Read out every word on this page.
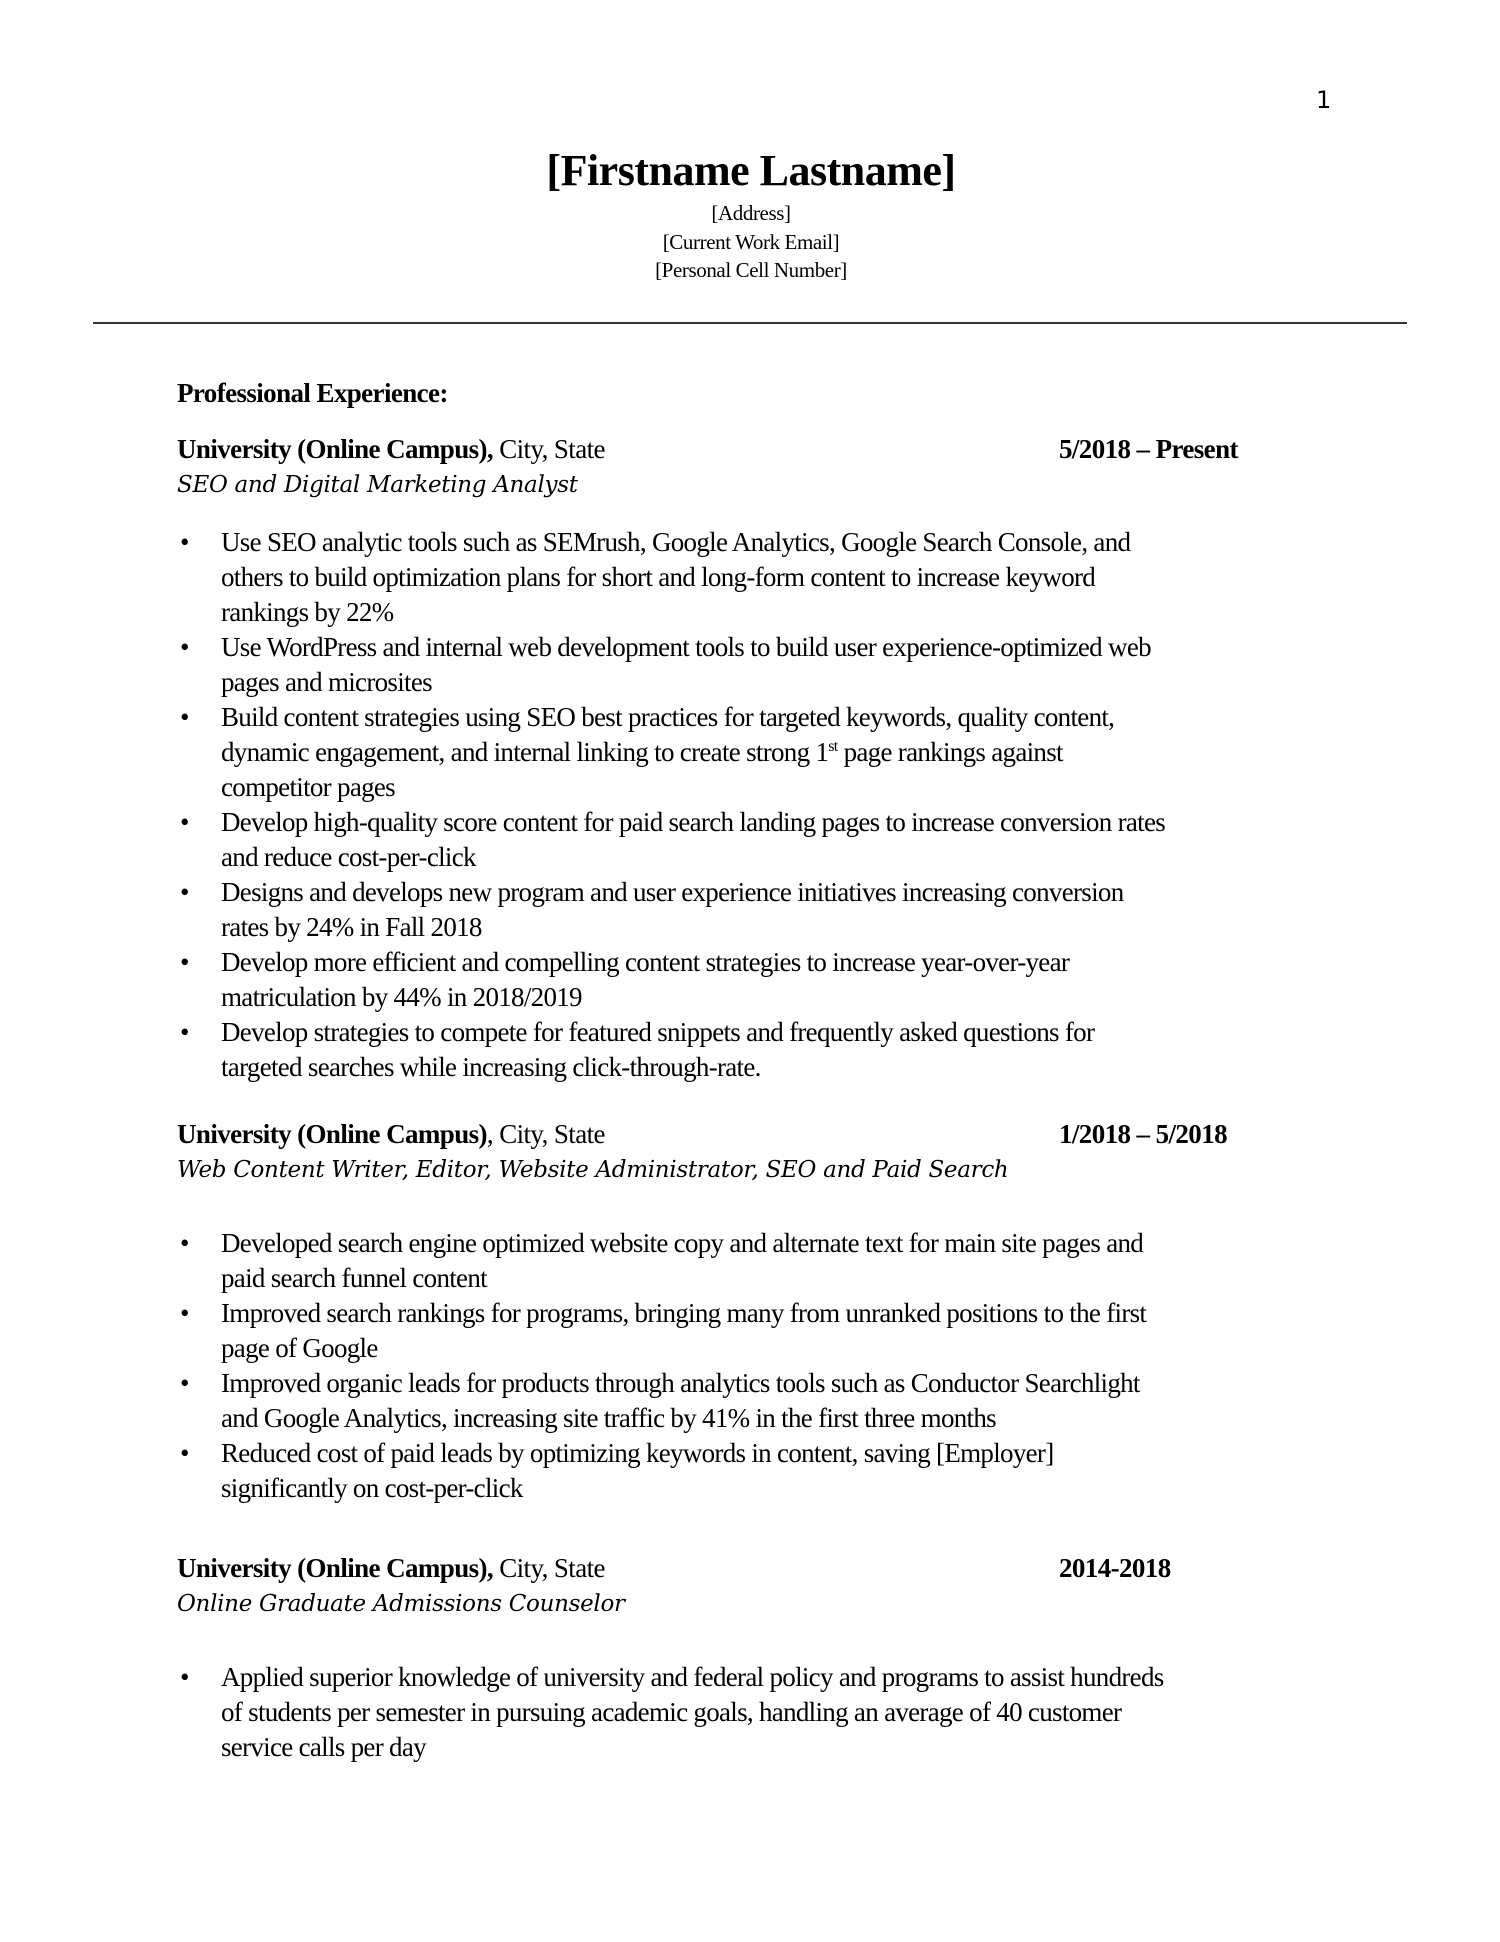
1
[Firstname Lastname]
[Address]
[Current Work Email]
[Personal Cell Number]
Professional Experience:
University (Online Campus), City, State	5/2018 – Present
SEO and Digital Marketing Analyst
• Use SEO analytic tools such as SEMrush, Google Analytics, Google Search Console, and
others to build optimization plans for short and long-form content to increase keyword
rankings by 22%
• Use WordPress and internal web development tools to build user experience-optimized web
pages and microsites
• Build content strategies using SEO best practices for targeted keywords, quality content,
dynamic engagement, and internal linking to create strong 1st page rankings against
competitor pages
• Develop high-quality score content for paid search landing pages to increase conversion rates
and reduce cost-per-click
• Designs and develops new program and user experience initiatives increasing conversion
rates by 24% in Fall 2018
• Develop more efficient and compelling content strategies to increase year-over-year
matriculation by 44% in 2018/2019
• Develop strategies to compete for featured snippets and frequently asked questions for
targeted searches while increasing click-through-rate.
University (Online Campus), City, State	1/2018 – 5/2018
Web Content Writer, Editor, Website Administrator, SEO and Paid Search
• Developed search engine optimized website copy and alternate text for main site pages and
paid search funnel content
• Improved search rankings for programs, bringing many from unranked positions to the first
page of Google
• Improved organic leads for products through analytics tools such as Conductor Searchlight
and Google Analytics, increasing site traffic by 41% in the first three months
• Reduced cost of paid leads by optimizing keywords in content, saving [Employer]
significantly on cost-per-click
University (Online Campus), City, State	2014-2018
Online Graduate Admissions Counselor
• Applied superior knowledge of university and federal policy and programs to assist hundreds
of students per semester in pursuing academic goals, handling an average of 40 customer
service calls per day
